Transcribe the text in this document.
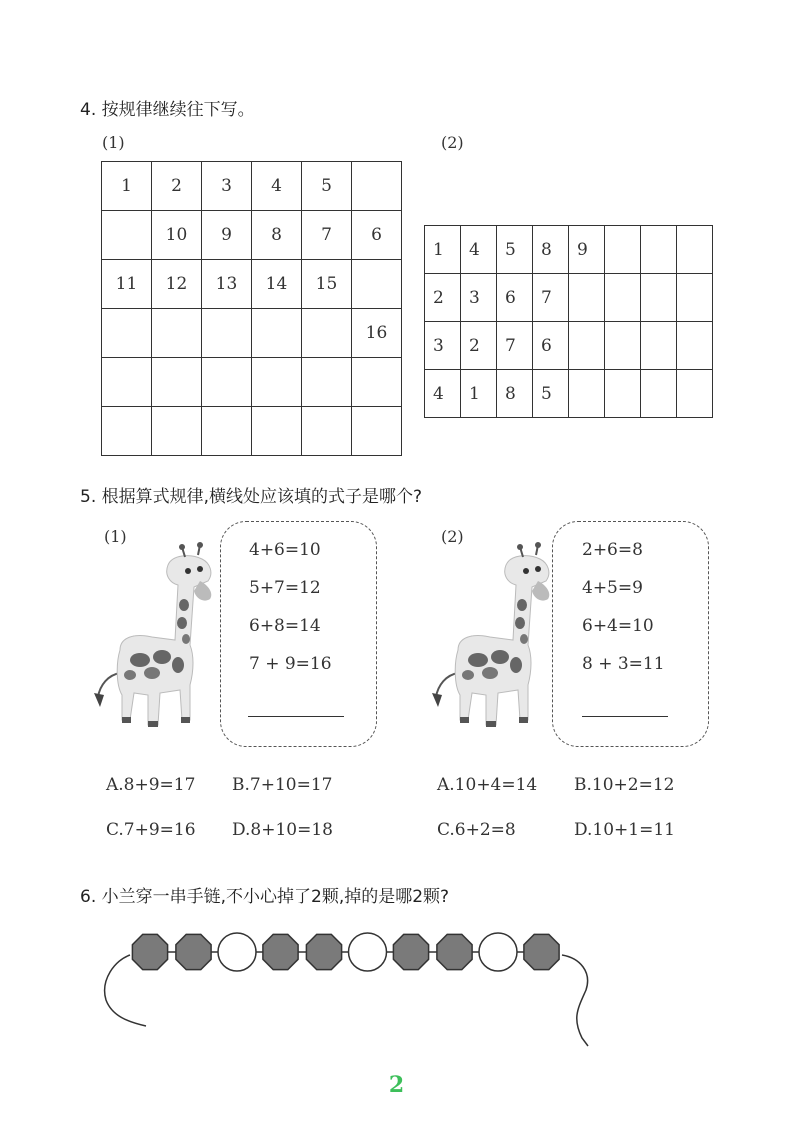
4. 按规律继续往下写。
(1)	(2)
1	2	3	4	5	
	10	9	8	7	6
11	12	13	14	15	
					16

1	4	5	8	9			
2	3	6	7				
3	2	7	6				
4	1	8	5				
5. 根据算式规律,横线处应该填的式子是哪个?
(1)	(2)
4+6=10
5+7=12
6+8=14
7 + 9=16
2+6=8
4+5=9
6+4=10
8 + 3=11
A.8+9=17 B.7+10=17
C.7+9=16 D.8+10=18
A.10+4=14 B.10+2=12
C.6+2=8	D.10+1=11
6. 小兰穿一串手链,不小心掉了2颗,掉的是哪2颗?
2
